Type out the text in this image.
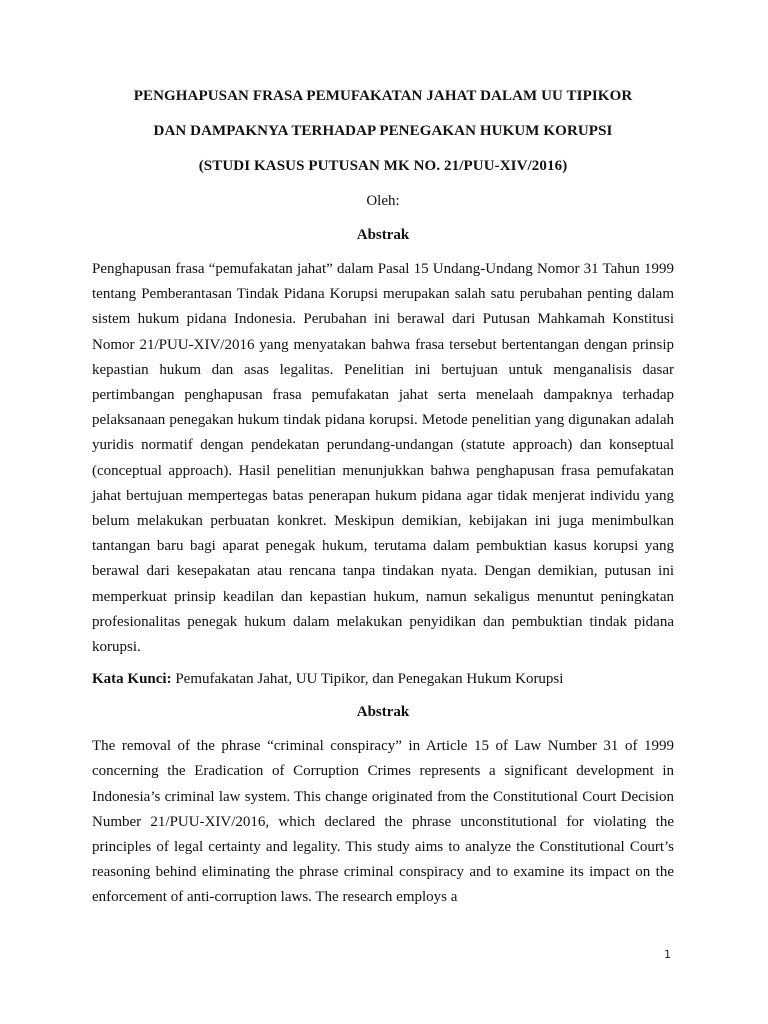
PENGHAPUSAN FRASA PEMUFAKATAN JAHAT DALAM UU TIPIKOR
DAN DAMPAKNYA TERHADAP PENEGAKAN HUKUM KORUPSI
(STUDI KASUS PUTUSAN MK NO. 21/PUU-XIV/2016)
Oleh:
Abstrak

Penghapusan frasa “pemufakatan jahat” dalam Pasal 15 Undang-Undang Nomor 31 Tahun 1999 tentang Pemberantasan Tindak Pidana Korupsi merupakan salah satu perubahan penting dalam sistem hukum pidana Indonesia. Perubahan ini berawal dari Putusan Mahkamah Konstitusi Nomor 21/PUU-XIV/2016 yang menyatakan bahwa frasa tersebut bertentangan dengan prinsip kepastian hukum dan asas legalitas. Penelitian ini bertujuan untuk menganalisis dasar pertimbangan penghapusan frasa pemufakatan jahat serta menelaah dampaknya terhadap pelaksanaan penegakan hukum tindak pidana korupsi. Metode penelitian yang digunakan adalah yuridis normatif dengan pendekatan perundang-undangan (statute approach) dan konseptual (conceptual approach). Hasil penelitian menunjukkan bahwa penghapusan frasa pemufakatan jahat bertujuan mempertegas batas penerapan hukum pidana agar tidak menjerat individu yang belum melakukan perbuatan konkret. Meskipun demikian, kebijakan ini juga menimbulkan tantangan baru bagi aparat penegak hukum, terutama dalam pembuktian kasus korupsi yang berawal dari kesepakatan atau rencana tanpa tindakan nyata. Dengan demikian, putusan ini memperkuat prinsip keadilan dan kepastian hukum, namun sekaligus menuntut peningkatan profesionalitas penegak hukum dalam melakukan penyidikan dan pembuktian tindak pidana korupsi.

Kata Kunci: Pemufakatan Jahat, UU Tipikor, dan Penegakan Hukum Korupsi

Abstrak

The removal of the phrase “criminal conspiracy” in Article 15 of Law Number 31 of 1999 concerning the Eradication of Corruption Crimes represents a significant development in Indonesia’s criminal law system. This change originated from the Constitutional Court Decision Number 21/PUU-XIV/2016, which declared the phrase unconstitutional for violating the principles of legal certainty and legality. This study aims to analyze the Constitutional Court’s reasoning behind eliminating the phrase criminal conspiracy and to examine its impact on the enforcement of anti-corruption laws. The research employs a

1
